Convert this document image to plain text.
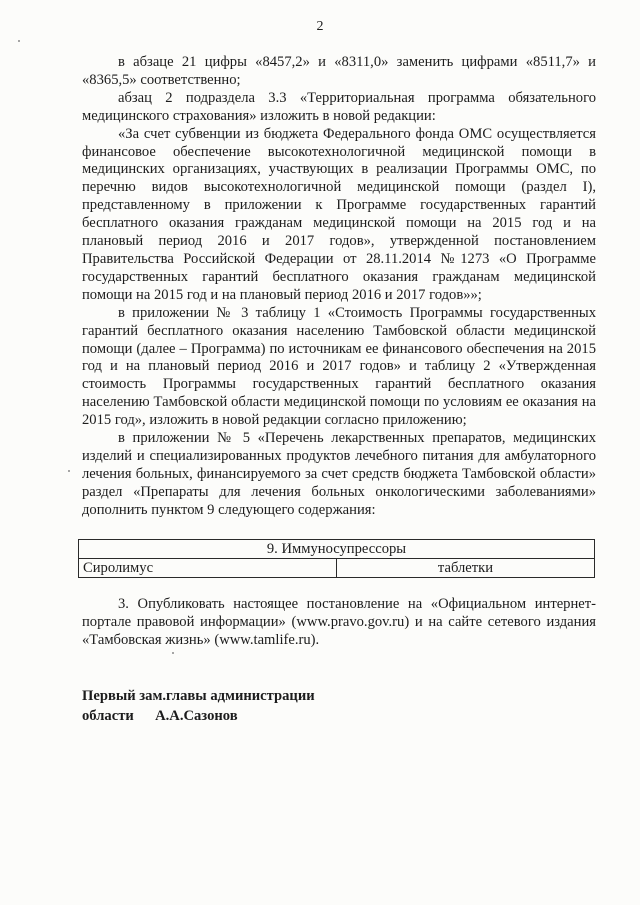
2

в абзаце 21 цифры «8457,2» и «8311,0» заменить цифрами «8511,7» и «8365,5» соответственно;

абзац 2 подраздела 3.3 «Территориальная программа обязательного медицинского страхования» изложить в новой редакции:

«За счет субвенции из бюджета Федерального фонда ОМС осуществляется финансовое обеспечение высокотехнологичной медицинской помощи в медицинских организациях, участвующих в реализации Программы ОМС, по перечню видов высокотехнологичной медицинской помощи (раздел I), представленному в приложении к Программе государственных гарантий бесплатного оказания гражданам медицинской помощи на 2015 год и на плановый период 2016 и 2017 годов», утвержденной постановлением Правительства Российской Федерации от 28.11.2014 №1273 «О Программе государственных гарантий бесплатного оказания гражданам медицинской помощи на 2015 год и на плановый период 2016 и 2017 годов»»;

в приложении № 3 таблицу 1 «Стоимость Программы государственных гарантий бесплатного оказания населению Тамбовской области медицинской помощи (далее – Программа) по источникам ее финансового обеспечения на 2015 год и на плановый период 2016 и 2017 годов» и таблицу 2 «Утвержденная стоимость Программы государственных гарантий бесплатного оказания населению Тамбовской области медицинской помощи по условиям ее оказания на 2015 год», изложить в новой редакции согласно приложению;

в приложении № 5 «Перечень лекарственных препаратов, медицинских изделий и специализированных продуктов лечебного питания для амбулаторного лечения больных, финансируемого за счет средств бюджета Тамбовской области» раздел «Препараты для лечения больных онкологическими заболеваниями» дополнить пунктом 9 следующего содержания:

9. Иммуносупрессоры
Сиролимус	таблетки

3. Опубликовать настоящее постановление на «Официальном интернет-портале правовой информации» (www.pravo.gov.ru) и на сайте сетевого издания «Тамбовская жизнь» (www.tamlife.ru).

Первый зам.главы администрации
области А.А.Сазонов
